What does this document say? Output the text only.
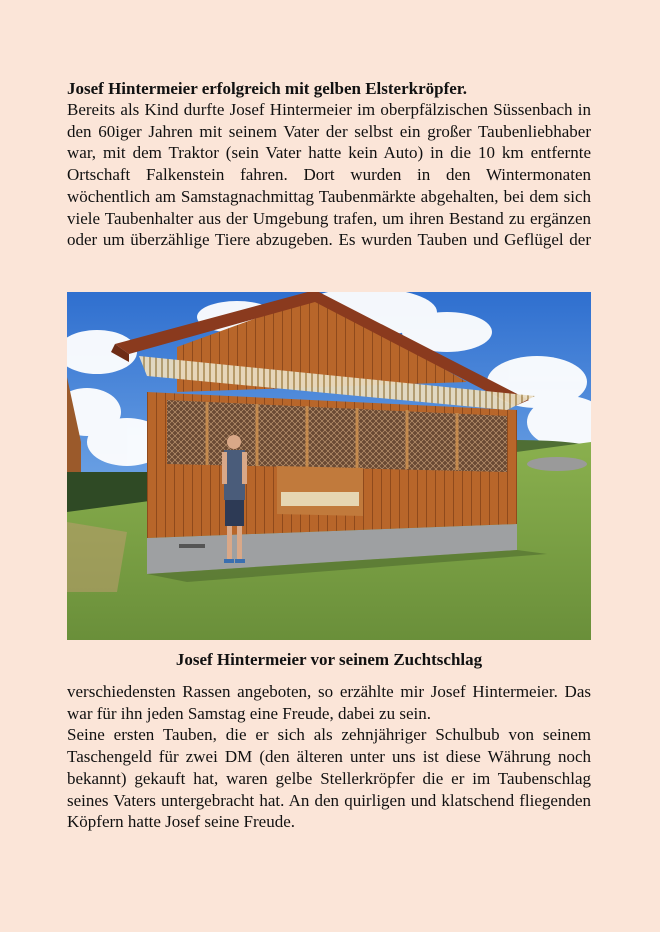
Josef Hintermeier erfolgreich mit gelben Elsterkröpfer.

Bereits als Kind durfte Josef Hintermeier im oberpfälzischen Süssenbach in den 60iger Jahren mit seinem Vater der selbst ein großer Taubenliebhaber war, mit dem Traktor (sein Vater hatte kein Auto) in die 10 km entfernte Ortschaft Falkenstein fahren. Dort wurden in den Wintermonaten wöchentlich am Samstagnachmittag Taubenmärkte abgehalten, bei dem sich viele Taubenhalter aus der Umgebung trafen, um ihren Bestand zu ergänzen oder um überzählige Tiere abzugeben. Es wurden Tauben und Geflügel der

Josef Hintermeier vor seinem Zuchtschlag
verschiedensten Rassen angeboten, so erzählte mir Josef Hintermeier. Das war für ihn jeden Samstag eine Freude, dabei zu sein.
Seine ersten Tauben, die er sich als zehnjähriger Schulbub von seinem Taschengeld für zwei DM (den älteren unter uns ist diese Währung noch bekannt) gekauft hat, waren gelbe Stellerkröpfer die er im Taubenschlag seines Vaters untergebracht hat. An den quirligen und klatschend fliegenden Köpfern hatte Josef seine Freude.
